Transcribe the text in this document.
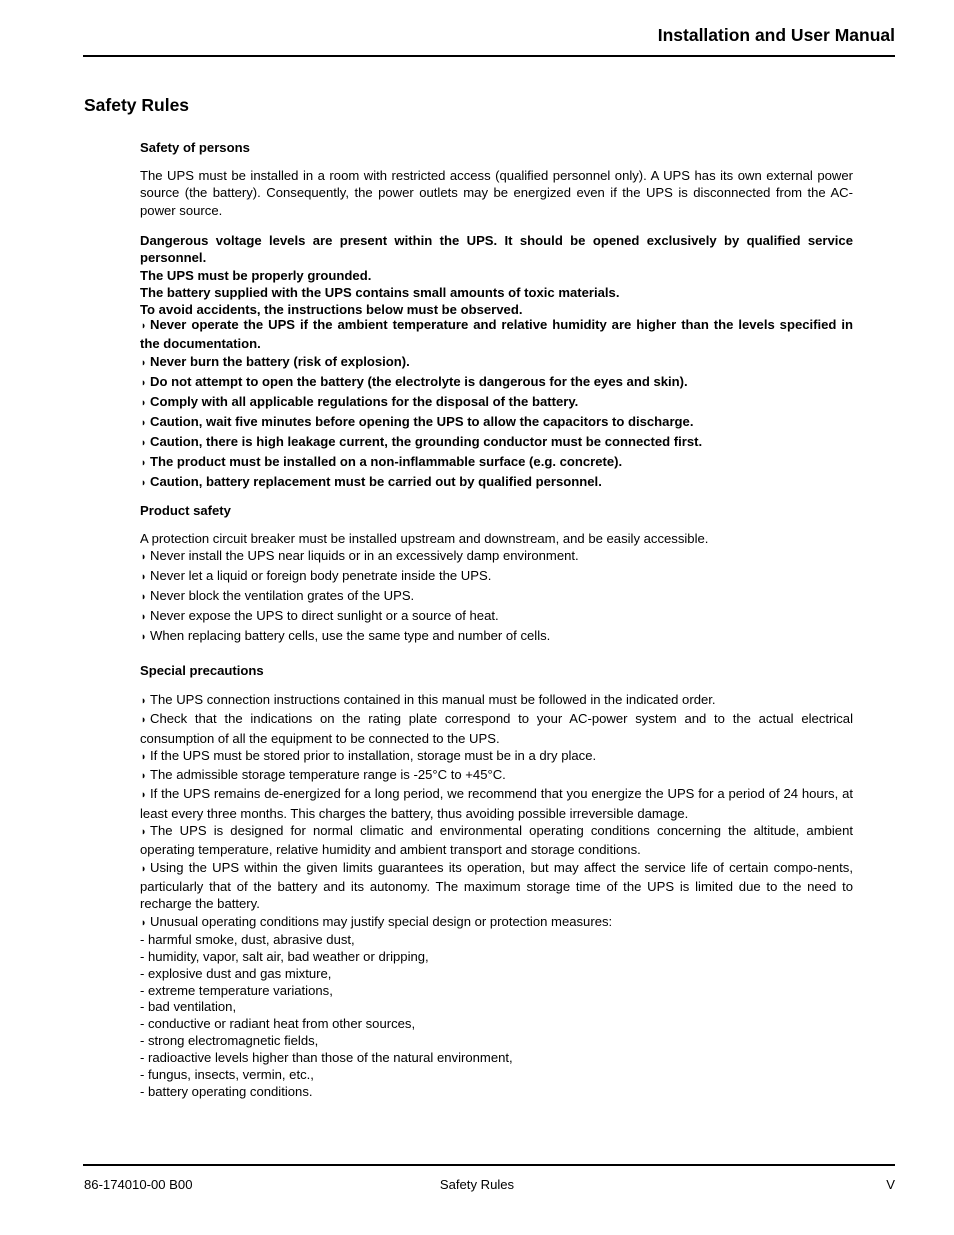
Installation and User Manual
Safety Rules
Safety of persons
The UPS must be installed in a room with restricted access (qualified personnel only). A UPS has its own external power source (the battery). Consequently, the power outlets may be energized even if the UPS is disconnected from the AC-power source.
Dangerous voltage levels are present within the UPS. It should be opened exclusively by qualified service personnel.
The UPS must be properly grounded.
The battery supplied with the UPS contains small amounts of toxic materials.
To avoid accidents, the instructions below must be observed.
◗ Never operate the UPS if the ambient temperature and relative humidity are higher than the levels specified in the documentation.
◗ Never burn the battery (risk of explosion).
◗ Do not attempt to open the battery (the electrolyte is dangerous for the eyes and skin).
◗ Comply with all applicable regulations for the disposal of the battery.
◗ Caution, wait five minutes before opening the UPS to allow the capacitors to discharge.
◗ Caution, there is high leakage current, the grounding conductor must be connected first.
◗ The product must be installed on a non-inflammable surface (e.g. concrete).
◗ Caution, battery replacement must be carried out by qualified personnel.
Product safety
A protection circuit breaker must be installed upstream and downstream, and be easily accessible.
◗ Never install the UPS near liquids or in an excessively damp environment.
◗ Never let a liquid or foreign body penetrate inside the UPS.
◗ Never block the ventilation grates of the UPS.
◗ Never expose the UPS to direct sunlight or a source of heat.
◗ When replacing battery cells, use the same type and number of cells.
Special precautions
◗ The UPS connection instructions contained in this manual must be followed in the indicated order.
◗ Check that the indications on the rating plate correspond to your AC-power system and to the actual electrical consumption of all the equipment to be connected to the UPS.
◗ If the UPS must be stored prior to installation, storage must be in a dry place.
◗ The admissible storage temperature range is -25°C to +45°C.
◗ If the UPS remains de-energized for a long period, we recommend that you energize the UPS for a period of 24 hours, at least every three months. This charges the battery, thus avoiding possible irreversible damage.
◗ The UPS is designed for normal climatic and environmental operating conditions concerning the altitude, ambient operating temperature, relative humidity and ambient transport and storage conditions.
◗ Using the UPS within the given limits guarantees its operation, but may affect the service life of certain compo-nents, particularly that of the battery and its autonomy. The maximum storage time of the UPS is limited due to the need to recharge the battery.
◗ Unusual operating conditions may justify special design or protection measures:
- harmful smoke, dust, abrasive dust,
- humidity, vapor, salt air, bad weather or dripping,
- explosive dust and gas mixture,
- extreme temperature variations,
- bad ventilation,
- conductive or radiant heat from other sources,
- strong electromagnetic fields,
- radioactive levels higher than those of the natural environment,
- fungus, insects, vermin, etc.,
- battery operating conditions.
86-174010-00 B00	Safety Rules	V
